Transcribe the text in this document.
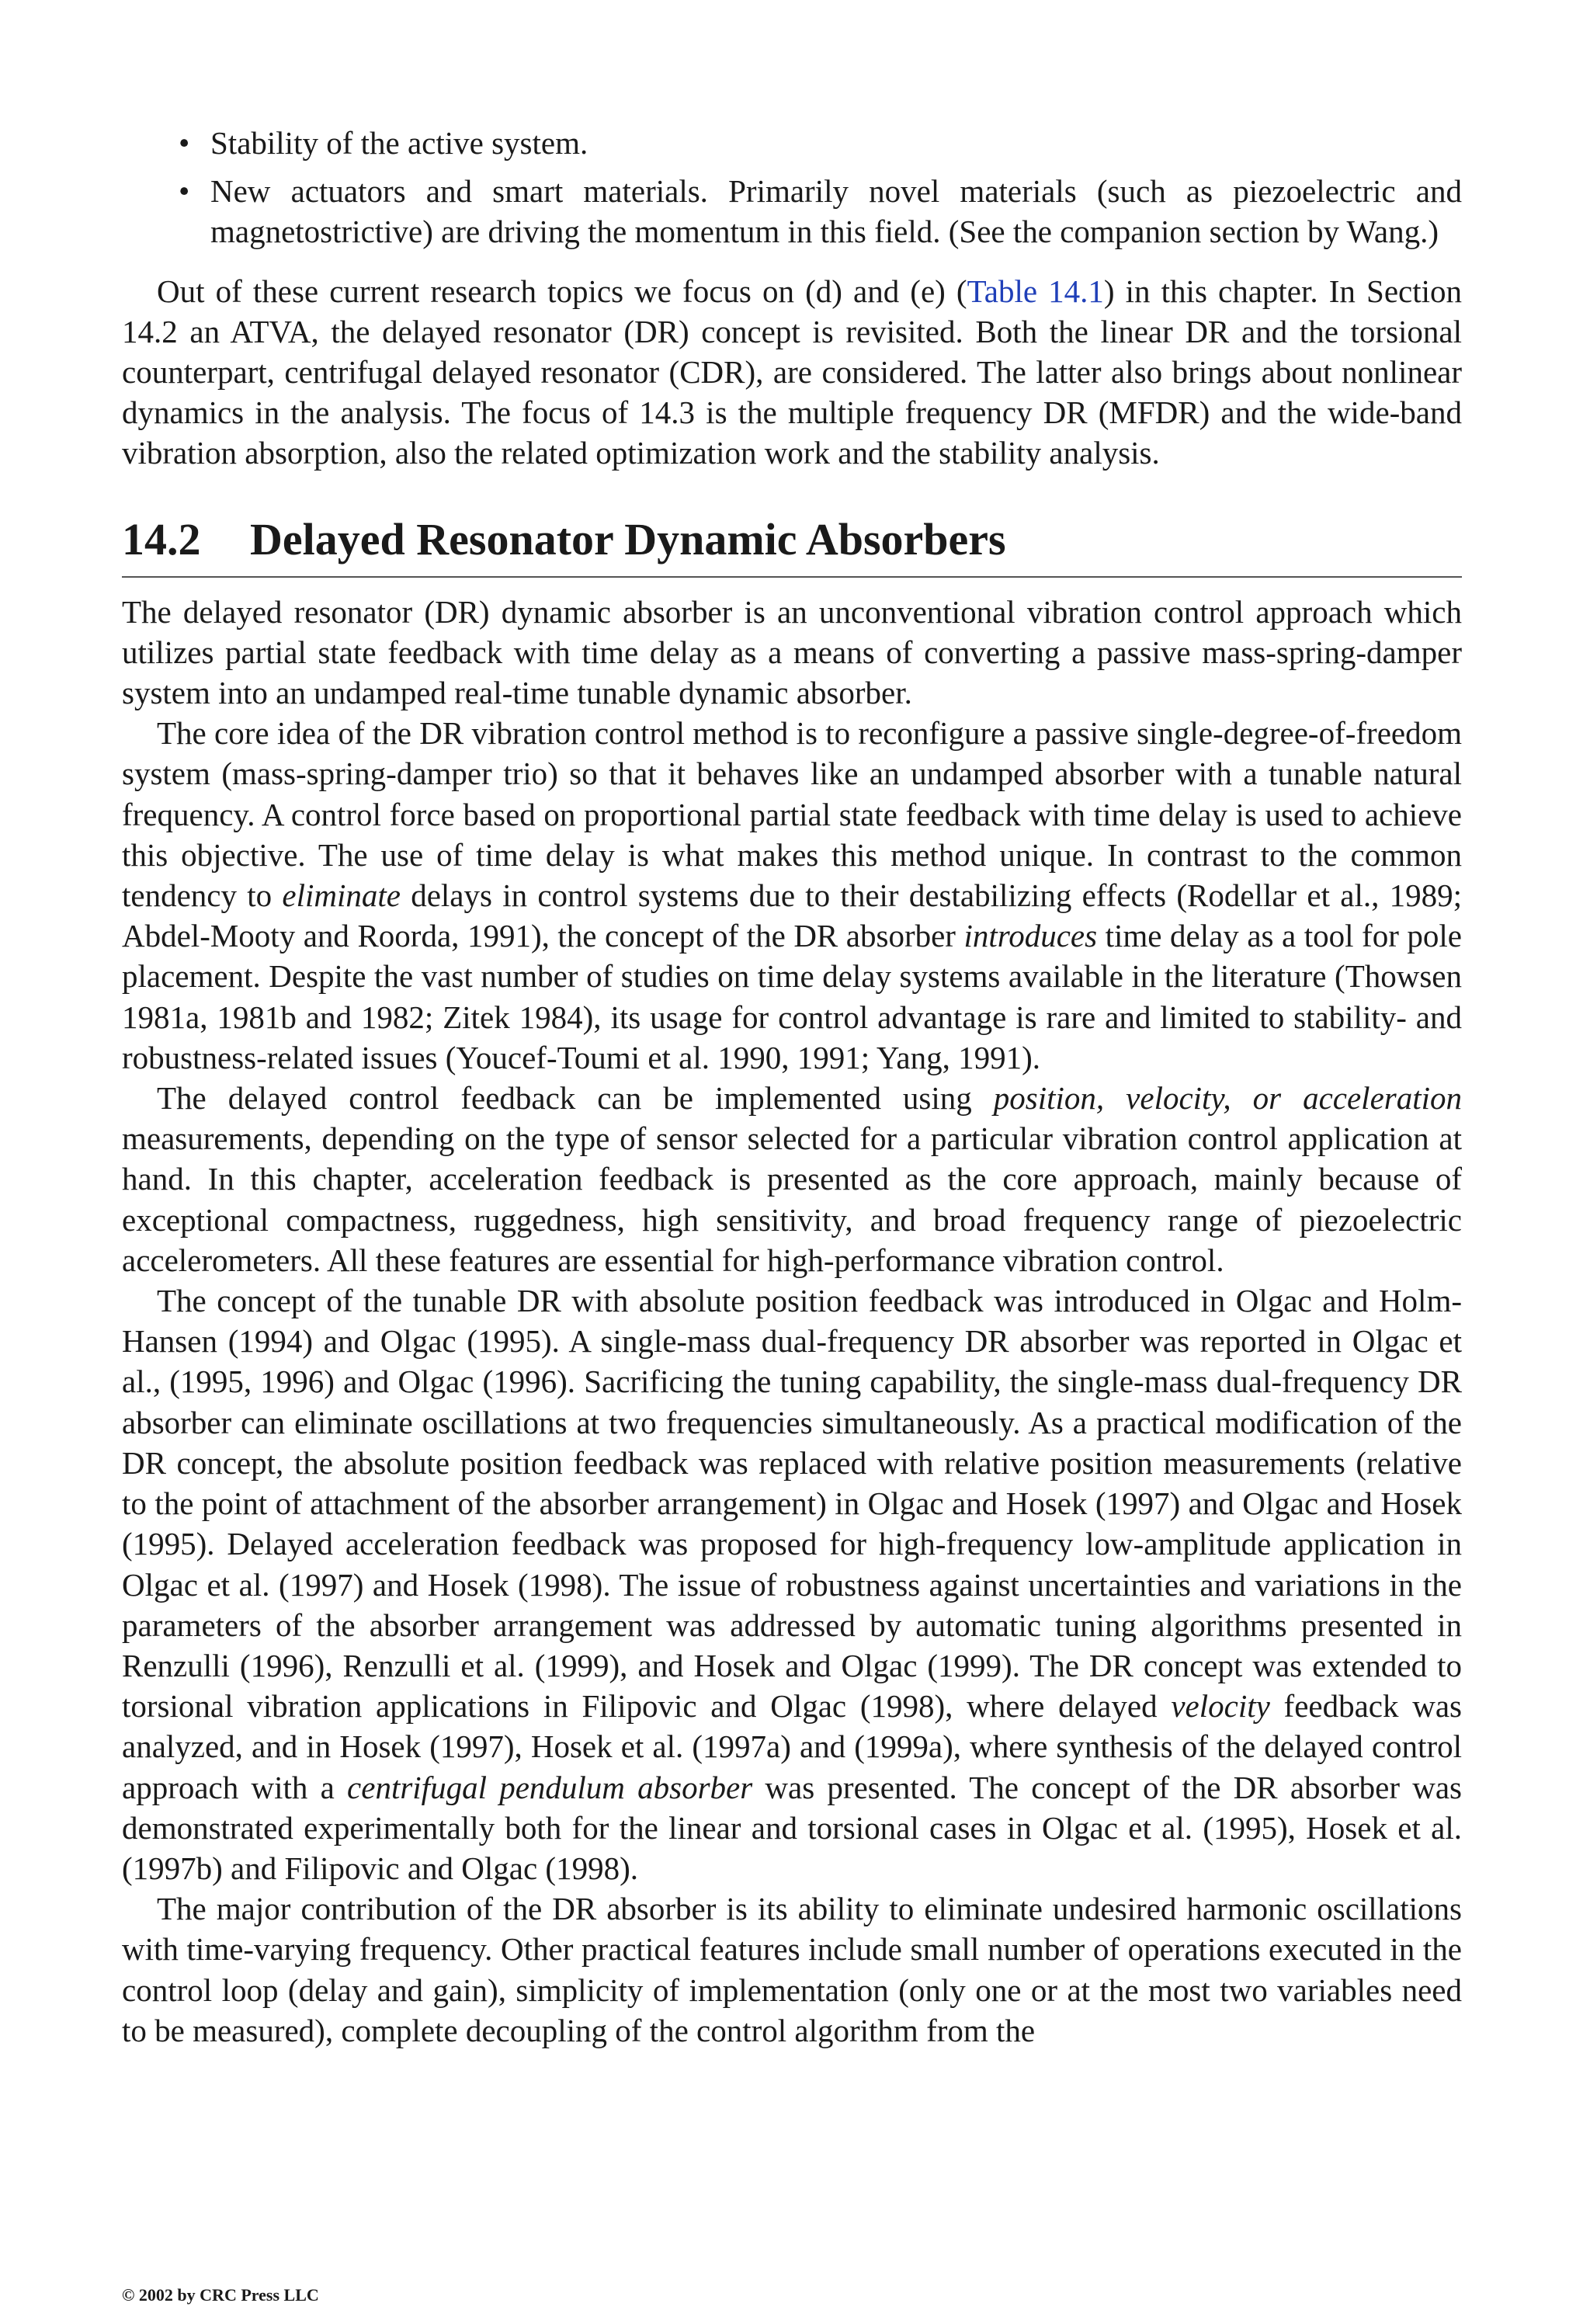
• Stability of the active system.
• New actuators and smart materials. Primarily novel materials (such as piezoelectric and magnetostrictive) are driving the momentum in this field. (See the companion section by Wang.)

Out of these current research topics we focus on (d) and (e) (Table 14.1) in this chapter. In Section 14.2 an ATVA, the delayed resonator (DR) concept is revisited. Both the linear DR and the torsional counterpart, centrifugal delayed resonator (CDR), are considered. The latter also brings about nonlinear dynamics in the analysis. The focus of 14.3 is the multiple frequency DR (MFDR) and the wide-band vibration absorption, also the related optimization work and the stability analysis.

14.2 Delayed Resonator Dynamic Absorbers

The delayed resonator (DR) dynamic absorber is an unconventional vibration control approach which utilizes partial state feedback with time delay as a means of converting a passive mass-spring-damper system into an undamped real-time tunable dynamic absorber.

The core idea of the DR vibration control method is to reconfigure a passive single-degree-of-freedom system (mass-spring-damper trio) so that it behaves like an undamped absorber with a tunable natural frequency. A control force based on proportional partial state feedback with time delay is used to achieve this objective. The use of time delay is what makes this method unique. In contrast to the common tendency to eliminate delays in control systems due to their destabilizing effects (Rodellar et al., 1989; Abdel-Mooty and Roorda, 1991), the concept of the DR absorber introduces time delay as a tool for pole placement. Despite the vast number of studies on time delay systems available in the literature (Thowsen 1981a, 1981b and 1982; Zitek 1984), its usage for control advantage is rare and limited to stability- and robustness-related issues (Youcef-Toumi et al. 1990, 1991; Yang, 1991).

The delayed control feedback can be implemented using position, velocity, or acceleration measurements, depending on the type of sensor selected for a particular vibration control application at hand. In this chapter, acceleration feedback is presented as the core approach, mainly because of exceptional compactness, ruggedness, high sensitivity, and broad frequency range of piezoelectric accelerometers. All these features are essential for high-performance vibration control.

The concept of the tunable DR with absolute position feedback was introduced in Olgac and Holm-Hansen (1994) and Olgac (1995). A single-mass dual-frequency DR absorber was reported in Olgac et al., (1995, 1996) and Olgac (1996). Sacrificing the tuning capability, the single-mass dual-frequency DR absorber can eliminate oscillations at two frequencies simultaneously. As a practical modification of the DR concept, the absolute position feedback was replaced with relative position measurements (relative to the point of attachment of the absorber arrangement) in Olgac and Hosek (1997) and Olgac and Hosek (1995). Delayed acceleration feedback was proposed for high-frequency low-amplitude application in Olgac et al. (1997) and Hosek (1998). The issue of robustness against uncertainties and variations in the parameters of the absorber arrangement was addressed by automatic tuning algorithms presented in Renzulli (1996), Renzulli et al. (1999), and Hosek and Olgac (1999). The DR concept was extended to torsional vibration applications in Filipovic and Olgac (1998), where delayed velocity feedback was analyzed, and in Hosek (1997), Hosek et al. (1997a) and (1999a), where synthesis of the delayed control approach with a centrifugal pendulum absorber was presented. The concept of the DR absorber was demonstrated experimentally both for the linear and torsional cases in Olgac et al. (1995), Hosek et al. (1997b) and Filipovic and Olgac (1998).

The major contribution of the DR absorber is its ability to eliminate undesired harmonic oscillations with time-varying frequency. Other practical features include small number of operations executed in the control loop (delay and gain), simplicity of implementation (only one or at the most two variables need to be measured), complete decoupling of the control algorithm from the

© 2002 by CRC Press LLC
